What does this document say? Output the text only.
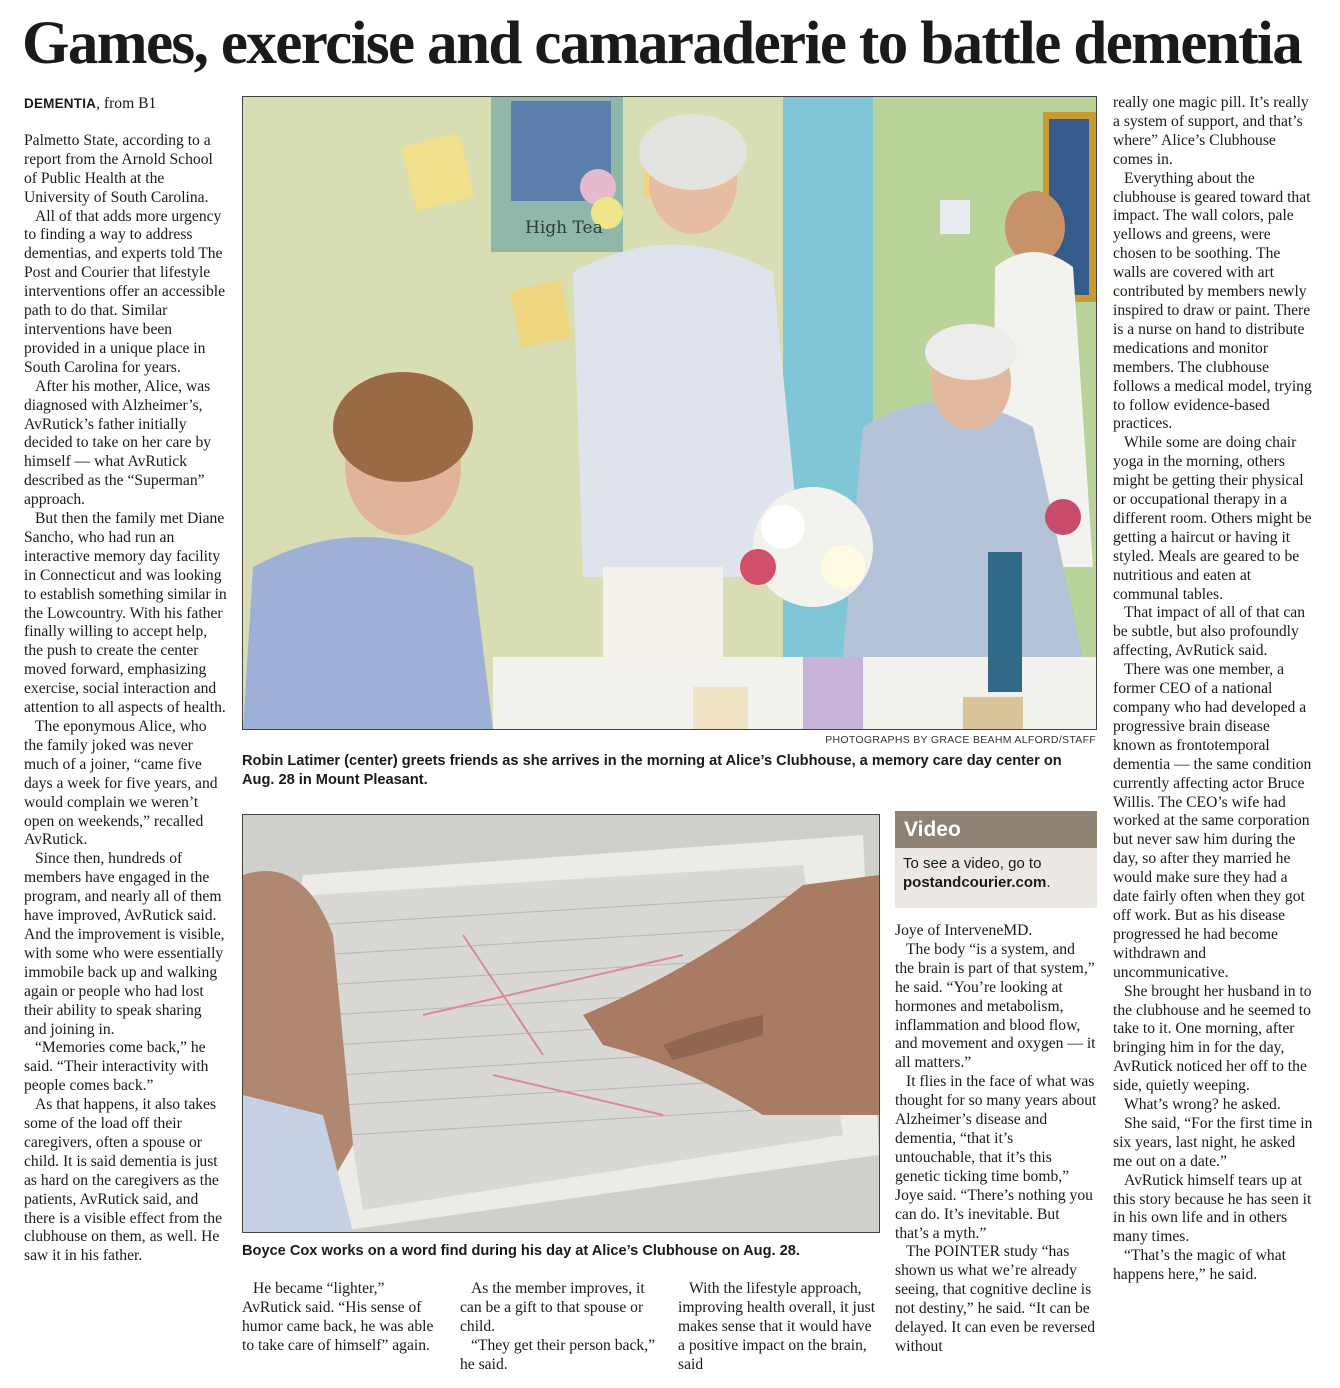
Games, exercise and camaraderie to battle dementia
DEMENTIA, from B1

Palmetto State, according to a report from the Arnold School of Public Health at the University of South Carolina.

All of that adds more urgency to finding a way to address dementias, and experts told The Post and Courier that lifestyle interventions offer an accessible path to do that. Similar interventions have been provided in a unique place in South Carolina for years.

After his mother, Alice, was diagnosed with Alzheimer’s, AvRutick’s father initially decided to take on her care by himself — what AvRutick described as the “Superman” approach.

But then the family met Diane Sancho, who had run an interactive memory day facility in Connecticut and was looking to establish something similar in the Lowcountry. With his father finally willing to accept help, the push to create the center moved forward, emphasizing exercise, social interaction and attention to all aspects of health.

The eponymous Alice, who the family joked was never much of a joiner, “came five days a week for five years, and would complain we weren’t open on weekends,” recalled AvRutick.

Since then, hundreds of members have engaged in the program, and nearly all of them have improved, AvRutick said. And the improvement is visible, with some who were essentially immobile back up and walking again or people who had lost their ability to speak sharing and joining in.

“Memories come back,” he said. “Their interactivity with people comes back.”

As that happens, it also takes some of the load off their caregivers, often a spouse or child. It is said dementia is just as hard on the caregivers as the patients, AvRutick said, and there is a visible effect from the clubhouse on them, as well. He saw it in his father.

High Tea
PHOTOGRAPHS BY GRACE BEAHM ALFORD/STAFF
Robin Latimer (center) greets friends as she arrives in the morning at Alice’s Clubhouse, a memory care day center on Aug. 28 in Mount Pleasant.
Boyce Cox works on a word find during his day at Alice’s Clubhouse on Aug. 28.
Video
To see a video, go to
postandcourier.com.

He became “lighter,” AvRutick said. “His sense of humor came back, he was able to take care of himself” again.

As the member improves, it can be a gift to that spouse or child.

“They get their person back,” he said.

With the lifestyle approach, improving health overall, it just makes sense that it would have a positive impact on the brain, said

Joye of InterveneMD.

The body “is a system, and the brain is part of that system,” he said. “You’re looking at hormones and metabolism, inflammation and blood flow, and movement and oxygen — it all matters.”

It flies in the face of what was thought for so many years about Alzheimer’s disease and dementia, “that it’s untouchable, that it’s this genetic ticking time bomb,” Joye said. “There’s nothing you can do. It’s inevitable. But that’s a myth.”

The POINTER study “has shown us what we’re already seeing, that cognitive decline is not destiny,” he said. “It can be delayed. It can even be reversed without

really one magic pill. It’s really a system of support, and that’s where” Alice’s Clubhouse comes in.

Everything about the clubhouse is geared toward that impact. The wall colors, pale yellows and greens, were chosen to be soothing. The walls are covered with art contributed by members newly inspired to draw or paint. There is a nurse on hand to distribute medications and monitor members. The clubhouse follows a medical model, trying to follow evidence-based practices.

While some are doing chair yoga in the morning, others might be getting their physical or occupational therapy in a different room. Others might be getting a haircut or having it styled. Meals are geared to be nutritious and eaten at communal tables.

That impact of all of that can be subtle, but also profoundly affecting, AvRutick said.

There was one member, a former CEO of a national company who had developed a progressive brain disease known as frontotemporal dementia — the same condition currently affecting actor Bruce Willis. The CEO’s wife had worked at the same corporation but never saw him during the day, so after they married he would make sure they had a date fairly often when they got off work. But as his disease progressed he had become withdrawn and uncommunicative.

She brought her husband in to the clubhouse and he seemed to take to it. One morning, after bringing him in for the day, AvRutick noticed her off to the side, quietly weeping.

What’s wrong? he asked.

She said, “For the first time in six years, last night, he asked me out on a date.”

AvRutick himself tears up at this story because he has seen it in his own life and in others many times.

“That’s the magic of what happens here,” he said.
